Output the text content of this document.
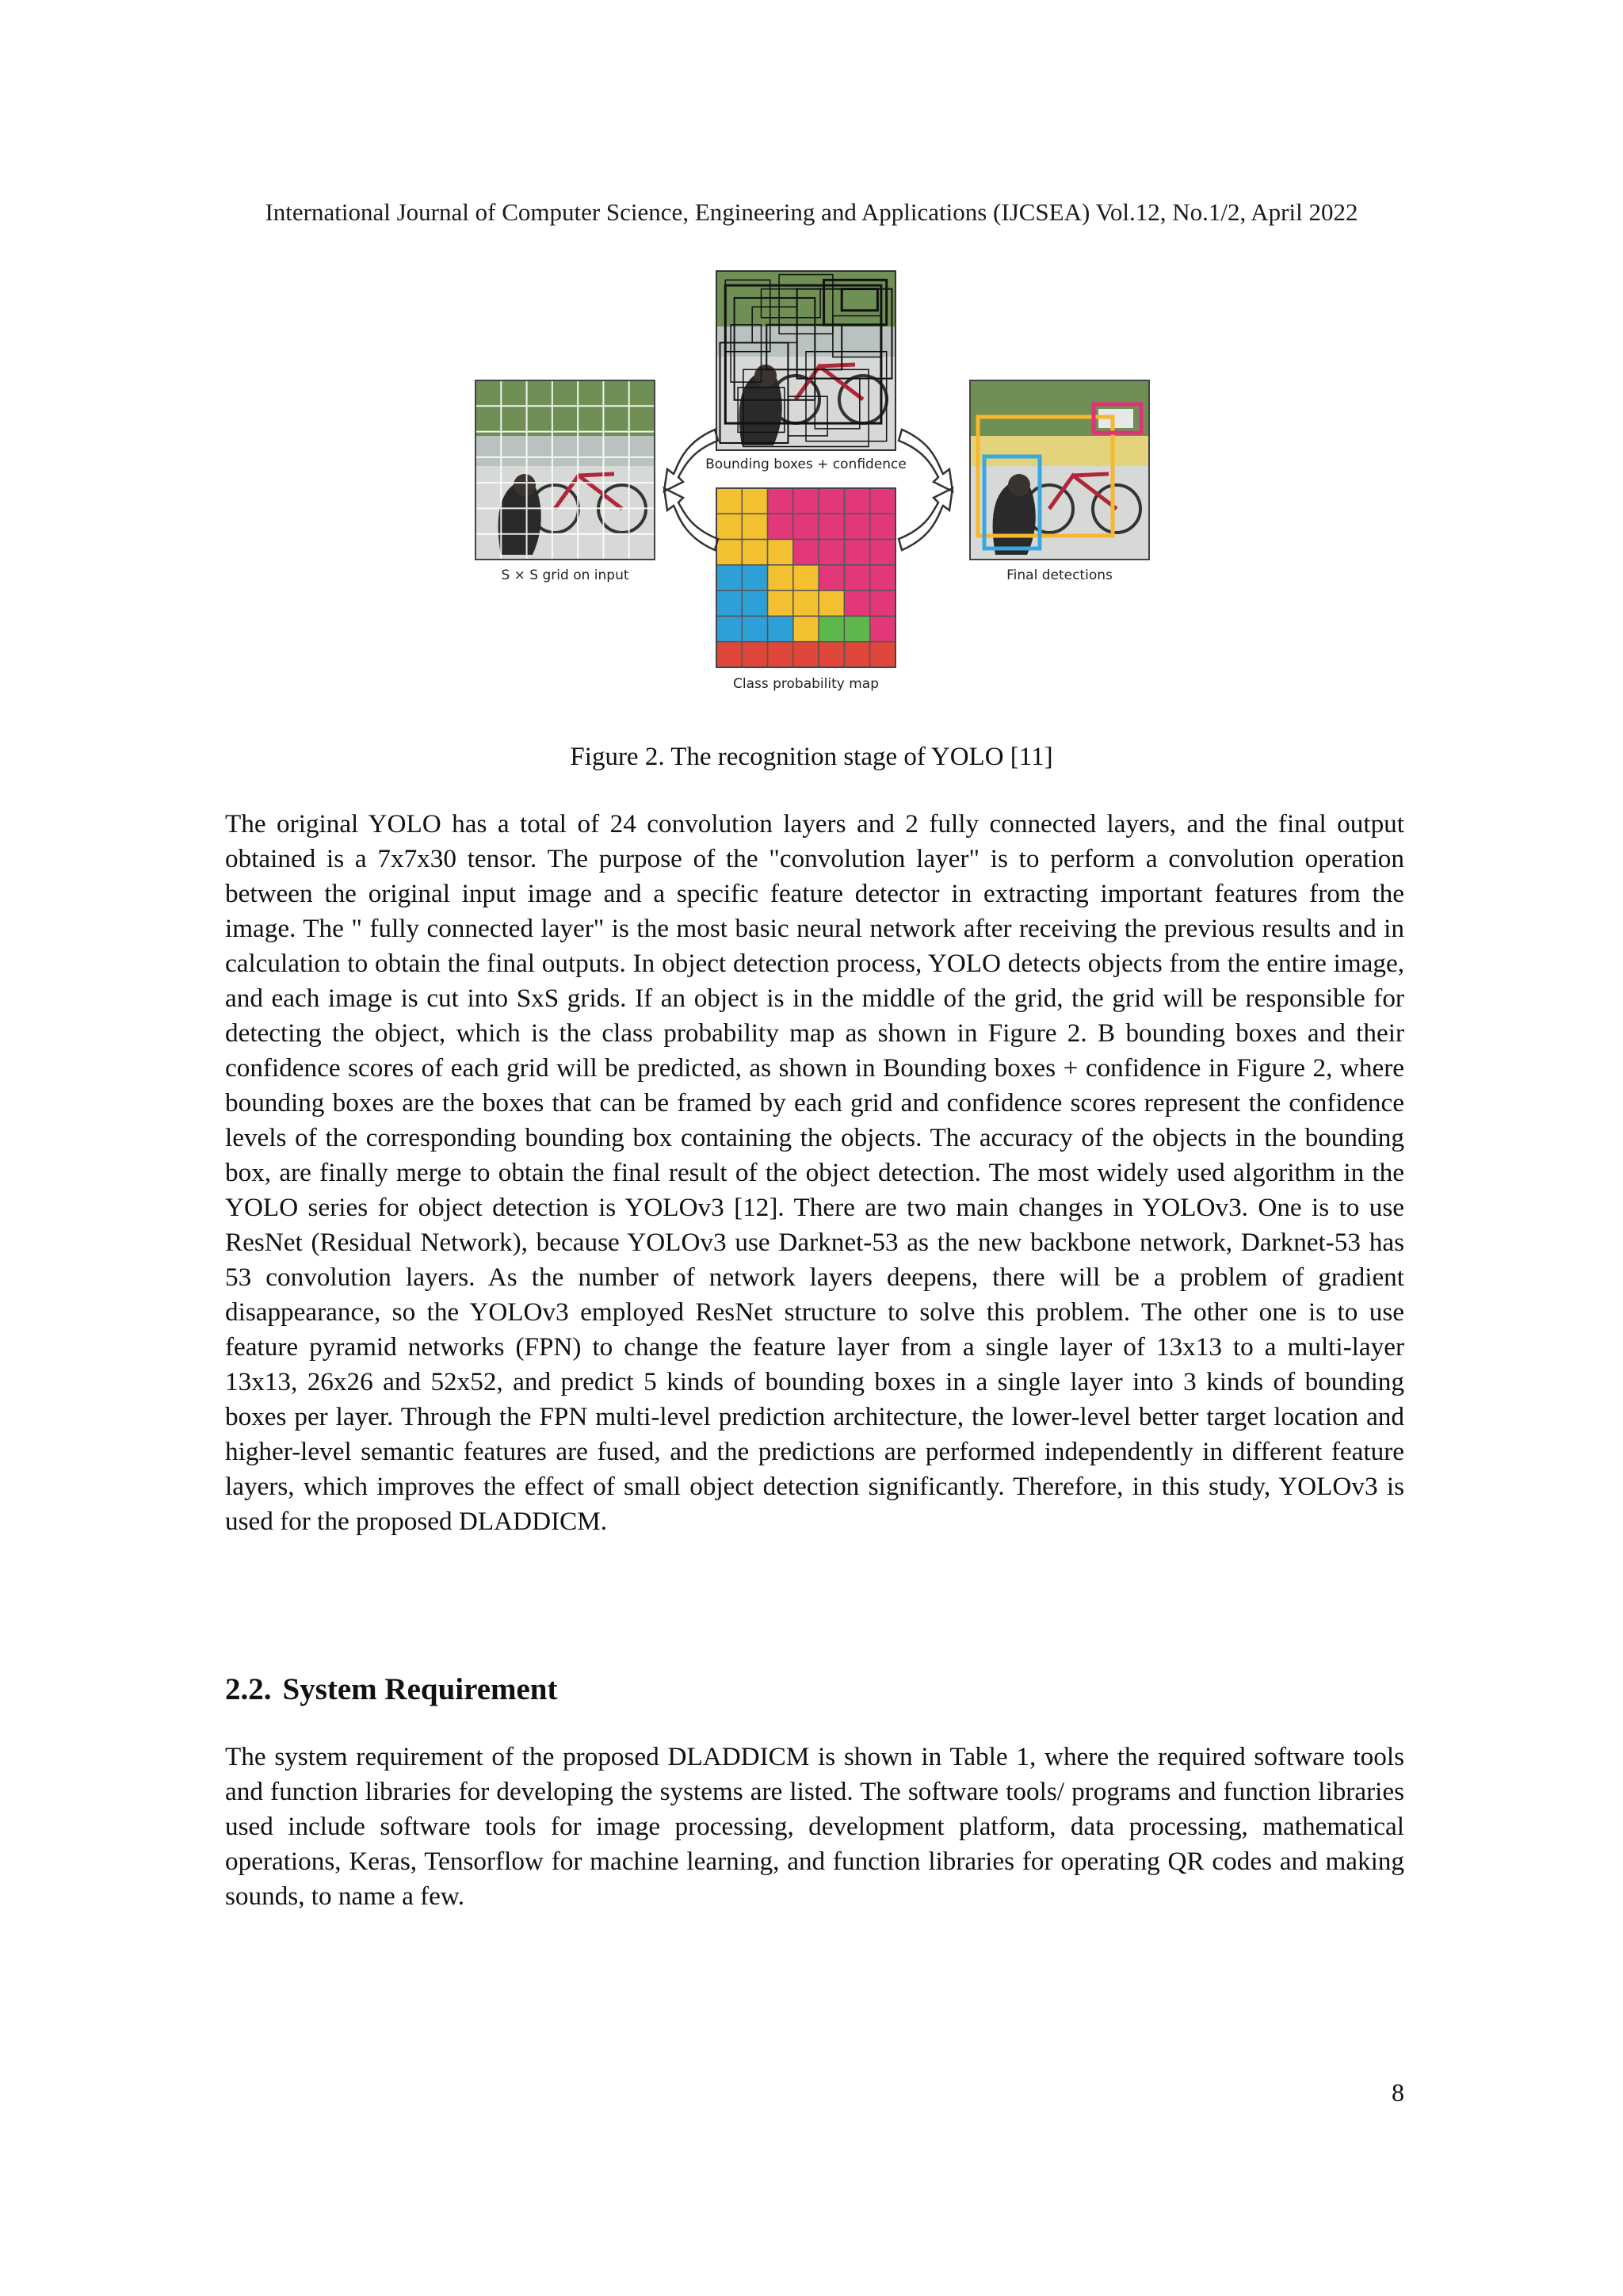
International Journal of Computer Science, Engineering and Applications (IJCSEA) Vol.12, No.1/2, April 2022
S × S grid on input
Bounding boxes + confidence
Class probability map
Final detections
Figure 2. The recognition stage of YOLO [11]

The original YOLO has a total of 24 convolution layers and 2 fully connected layers, and the final output obtained is a 7x7x30 tensor. The purpose of the "convolution layer" is to perform a convolution operation between the original input image and a specific feature detector in extracting important features from the image. The " fully connected layer" is the most basic neural network after receiving the previous results and in calculation to obtain the final outputs. In object detection process, YOLO detects objects from the entire image, and each image is cut into SxS grids. If an object is in the middle of the grid, the grid will be responsible for detecting the object, which is the class probability map as shown in Figure 2. B bounding boxes and their confidence scores of each grid will be predicted, as shown in Bounding boxes + confidence in Figure 2, where bounding boxes are the boxes that can be framed by each grid and confidence scores represent the confidence levels of the corresponding bounding box containing the objects. The accuracy of the objects in the bounding box, are finally merge to obtain the final result of the object detection. The most widely used algorithm in the YOLO series for object detection is YOLOv3 [12]. There are two main changes in YOLOv3. One is to use ResNet (Residual Network), because YOLOv3 use Darknet-53 as the new backbone network, Darknet-53 has 53 convolution layers. As the number of network layers deepens, there will be a problem of gradient disappearance, so the YOLOv3 employed ResNet structure to solve this problem. The other one is to use feature pyramid networks (FPN) to change the feature layer from a single layer of 13x13 to a multi-layer 13x13, 26x26 and 52x52, and predict 5 kinds of bounding boxes in a single layer into 3 kinds of bounding boxes per layer. Through the FPN multi-level prediction architecture, the lower-level better target location and higher-level semantic features are fused, and the predictions are performed independently in different feature layers, which improves the effect of small object detection significantly. Therefore, in this study, YOLOv3 is used for the proposed DLADDICM.

2.2. System Requirement

The system requirement of the proposed DLADDICM is shown in Table 1, where the required software tools and function libraries for developing the systems are listed. The software tools/ programs and function libraries used include software tools for image processing, development platform, data processing, mathematical operations, Keras, Tensorflow for machine learning, and function libraries for operating QR codes and making sounds, to name a few.

8
